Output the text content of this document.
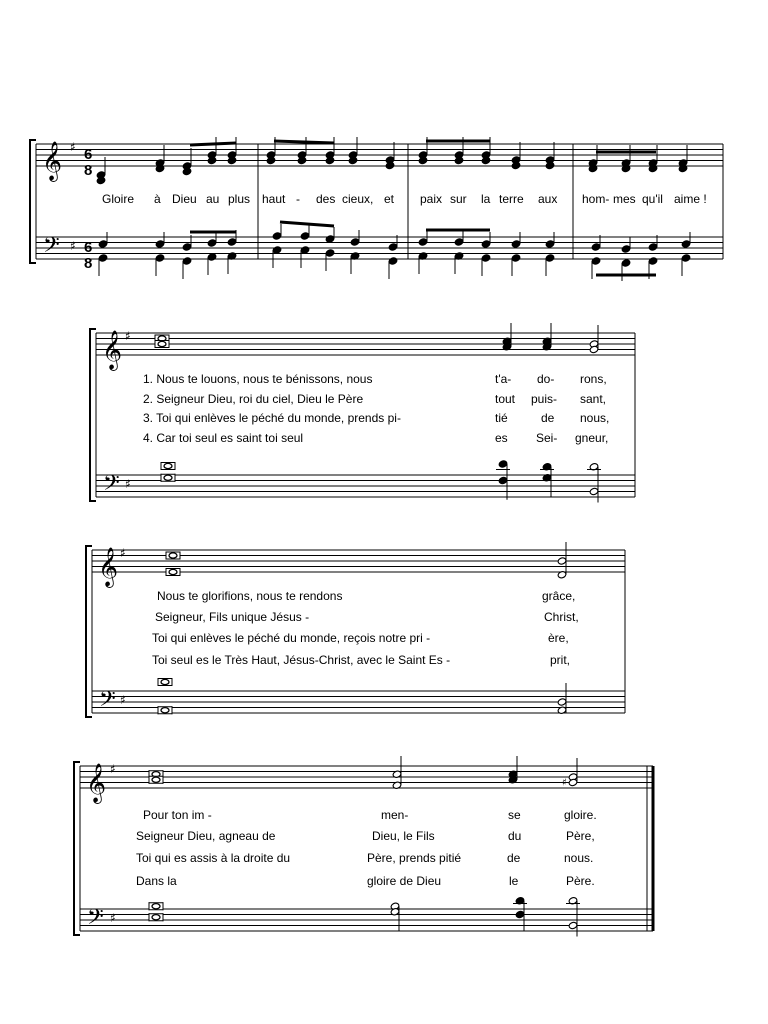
𝄞
𝄢
♯
♯
𝄞
𝄢
♯
♯
𝄞
𝄢
♯
♯
𝄞
𝄢
♯
♯
♯
6
8
6
8
Gloire à Dieu au plus haut - des cieux, et paix sur la terre aux hom- mes qu'il aime !
1. Nous te louons, nous te bénissons, nous	t'a- do- rons,
2. Seigneur Dieu, roi du ciel, Dieu le Père	tout puis- sant,
3. Toi qui enlèves le péché du monde, prends pi-	tié	de nous,
4. Car toi seul es saint toi seul	es Sei- gneur,
Nous te glorifions, nous te rendons	grâce,
Seigneur, Fils unique Jésus -	Christ,
Toi qui enlèves le péché du monde, reçois notre pri -	ère,
Toi seul es le Très Haut, Jésus-Christ, avec le Saint Es -	prit,
Pour ton im -	men-	se	gloire.
Seigneur Dieu, agneau de	Dieu, le Fils	du	Père,
Toi qui es assis à la droite du	Père, prends pitié	de	nous.
Dans la	gloire de Dieu	le	Père.
